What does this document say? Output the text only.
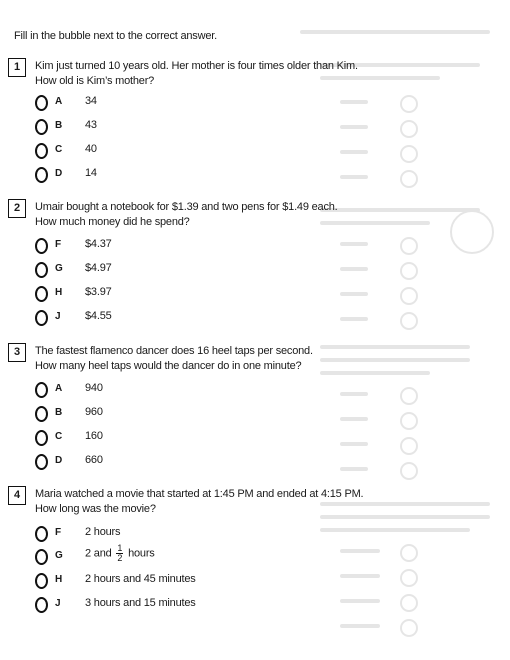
Fill in the bubble next to the correct answer.
1	Kim just turned 10 years old. Her mother is four times older than Kim.
How old is Kim’s mother?
A 34
B 43
C 40
D 14
2	Umair bought a notebook for $1.39 and two pens for $1.49 each.
How much money did he spend?
F $4.37
G $4.97
H $3.97
J $4.55
3	The fastest flamenco dancer does 16 heel taps per second.
How many heel taps would the dancer do in one minute?
A 940
B 960
C 160
D 660
4	Maria watched a movie that started at 1:45 PM and ended at 4:15 PM.
How long was the movie?
F 2 hours
G 2 and $\frac{1}{2}$ hours
H 2 hours and 45 minutes
J 3 hours and 15 minutes
